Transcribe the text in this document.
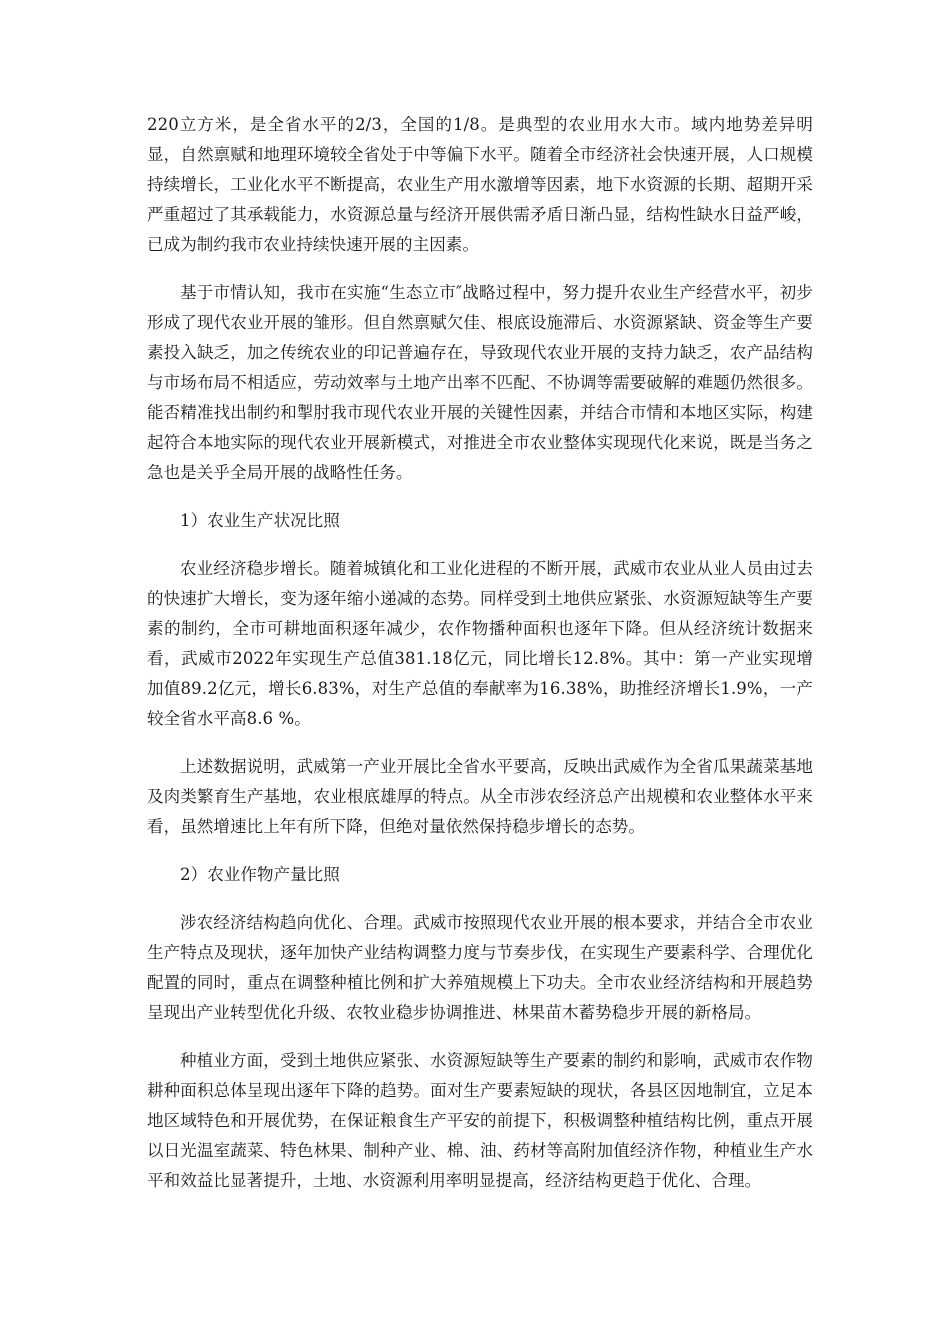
220立方米，是全省水平的2/3，全国的1/8。是典型的农业用水大市。域内地势差异明显，自然禀赋和地理环境较全省处于中等偏下水平。随着全市经济社会快速开展，人口规模持续增长，工业化水平不断提高，农业生产用水激增等因素，地下水资源的长期、超期开采严重超过了其承载能力，水资源总量与经济开展供需矛盾日渐凸显，结构性缺水日益严峻，已成为制约我市农业持续快速开展的主因素。

基于市情认知，我市在实施“生态立市″战略过程中，努力提升农业生产经营水平，初步形成了现代农业开展的雏形。但自然禀赋欠佳、根底设施滞后、水资源紧缺、资金等生产要素投入缺乏，加之传统农业的印记普遍存在，导致现代农业开展的支持力缺乏，农产品结构与市场布局不相适应，劳动效率与土地产出率不匹配、不协调等需要破解的难题仍然很多。能否精准找出制约和掣肘我市现代农业开展的关键性因素，并结合市情和本地区实际，构建起符合本地实际的现代农业开展新模式，对推进全市农业整体实现现代化来说，既是当务之急也是关乎全局开展的战略性任务。

1）农业生产状况比照

农业经济稳步增长。随着城镇化和工业化进程的不断开展，武威市农业从业人员由过去的快速扩大增长，变为逐年缩小递减的态势。同样受到土地供应紧张、水资源短缺等生产要素的制约，全市可耕地面积逐年减少，农作物播种面积也逐年下降。但从经济统计数据来看，武威市2022年实现生产总值381.18亿元，同比增长12.8%。其中：第一产业实现增加值89.2亿元，增长6.83%，对生产总值的奉献率为16.38%，助推经济增长1.9%，一产较全省水平高8.6 %。

上述数据说明，武威第一产业开展比全省水平要高，反映出武威作为全省瓜果蔬菜基地及肉类繁育生产基地，农业根底雄厚的特点。从全市涉农经济总产出规模和农业整体水平来看，虽然增速比上年有所下降，但绝对量依然保持稳步增长的态势。

2）农业作物产量比照

涉农经济结构趋向优化、合理。武威市按照现代农业开展的根本要求，并结合全市农业生产特点及现状，逐年加快产业结构调整力度与节奏步伐，在实现生产要素科学、合理优化配置的同时，重点在调整种植比例和扩大养殖规模上下功夫。全市农业经济结构和开展趋势呈现出产业转型优化升级、农牧业稳步协调推进、林果苗木蓄势稳步开展的新格局。

种植业方面，受到土地供应紧张、水资源短缺等生产要素的制约和影响，武威市农作物耕种面积总体呈现出逐年下降的趋势。面对生产要素短缺的现状，各县区因地制宜，立足本地区域特色和开展优势，在保证粮食生产平安的前提下，积极调整种植结构比例，重点开展以日光温室蔬菜、特色林果、制种产业、棉、油、药材等高附加值经济作物，种植业生产水平和效益比显著提升，土地、水资源利用率明显提高，经济结构更趋于优化、合理。
